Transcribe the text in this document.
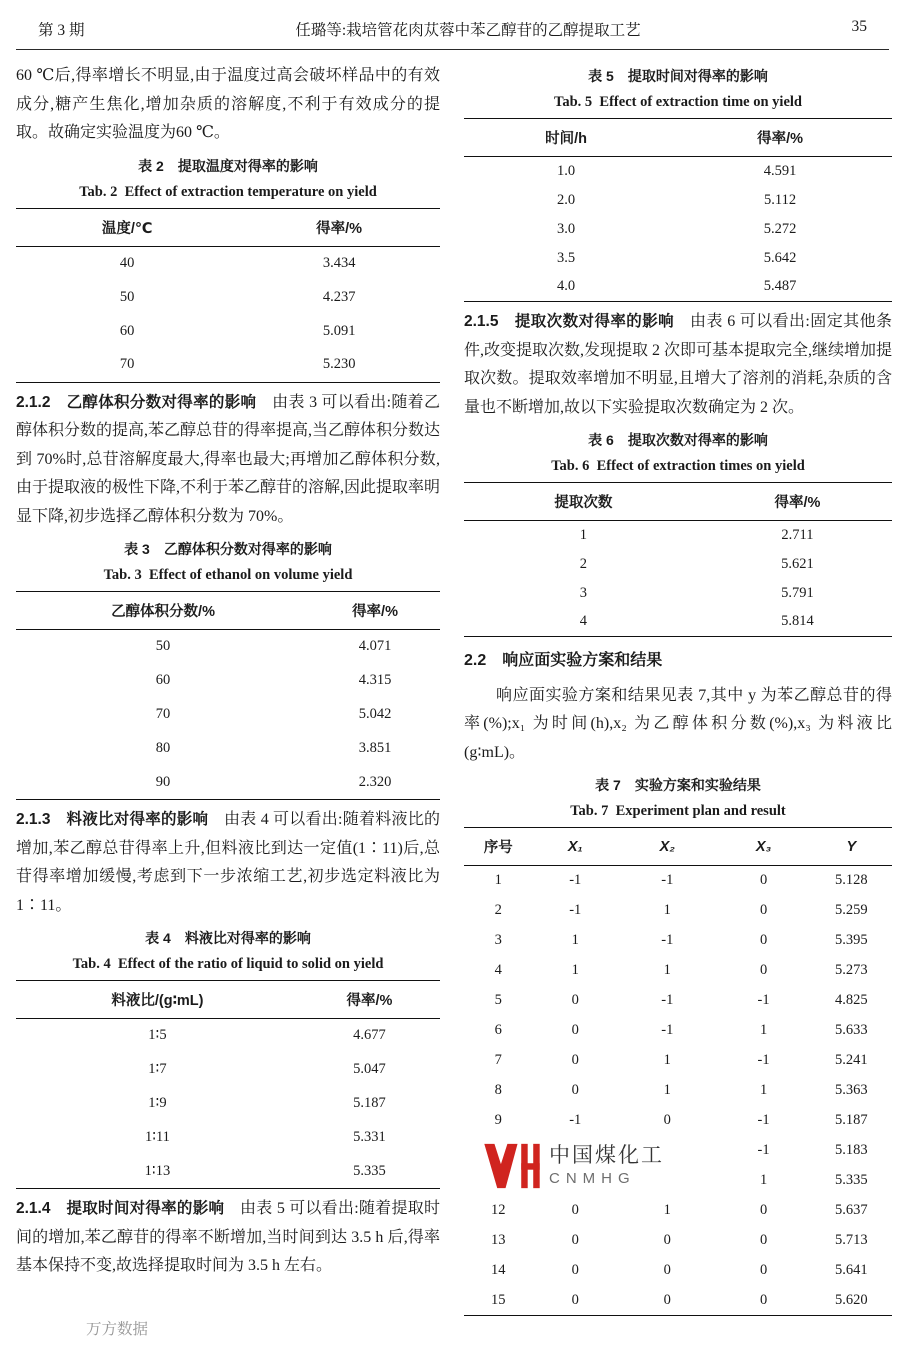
第 3 期	任璐等:栽培管花肉苁蓉中苯乙醇苷的乙醇提取工艺	35

60 ℃后,得率增长不明显,由于温度过高会破坏样品中的有效成分,糖产生焦化,增加杂质的溶解度,不利于有效成分的提取。故确定实验温度为60 ℃。

表 2　提取温度对得率的影响
Tab. 2  Effect of extraction temperature on yield
温度/℃	得率/%
40	3.434
50	4.237
60	5.091
70	5.230

2.1.2　乙醇体积分数对得率的影响　由表 3 可以看出:随着乙醇体积分数的提高,苯乙醇总苷的得率提高,当乙醇体积分数达到 70%时,总苷溶解度最大,得率也最大;再增加乙醇体积分数,由于提取液的极性下降,不利于苯乙醇苷的溶解,因此提取率明显下降,初步选择乙醇体积分数为 70%。

表 3　乙醇体积分数对得率的影响
Tab. 3  Effect of ethanol on volume yield
乙醇体积分数/%	得率/%
50	4.071
60	4.315
70	5.042
80	3.851
90	2.320

2.1.3　料液比对得率的影响　由表 4 可以看出:随着料液比的增加,苯乙醇总苷得率上升,但料液比到达一定值(1∶11)后,总苷得率增加缓慢,考虑到下一步浓缩工艺,初步选定料液比为 1∶11。

表 4　料液比对得率的影响
Tab. 4  Effect of the ratio of liquid to solid on yield
料液比/(g∶mL)	得率/%
1∶5	4.677
1∶7	5.047
1∶9	5.187
1∶11	5.331
1∶13	5.335

2.1.4　提取时间对得率的影响　由表 5 可以看出:随着提取时间的增加,苯乙醇苷的得率不断增加,当时间到达 3.5 h 后,得率基本保持不变,故选择提取时间为 3.5 h 左右。

表 5　提取时间对得率的影响
Tab. 5  Effect of extraction time on yield
时间/h	得率/%
1.0	4.591
2.0	5.112
3.0	5.272
3.5	5.642
4.0	5.487

2.1.5　提取次数对得率的影响　由表 6 可以看出:固定其他条件,改变提取次数,发现提取 2 次即可基本提取完全,继续增加提取次数。提取效率增加不明显,且增大了溶剂的消耗,杂质的含量也不断增加,故以下实验提取次数确定为 2 次。

表 6　提取次数对得率的影响
Tab. 6  Effect of extraction times on yield
提取次数	得率/%
1	2.711
2	5.621
3	5.791
4	5.814
2.2　响应面实验方案和结果

响应面实验方案和结果见表 7,其中 y 为苯乙醇总苷的得率(%);x₁ 为时间(h),x₂ 为乙醇体积分数(%),x₃ 为料液比(g∶mL)。

表 7　实验方案和实验结果
Tab. 7  Experiment plan and result
序号	X₁	X₂	X₃	Y
1	-1	-1	0	5.128
2	-1	1	0	5.259
3	1	-1	0	5.395
4	1	1	0	5.273
5	0	-1	-1	4.825
6	0	-1	1	5.633
7	0	1	-1	5.241
8	0	1	1	5.363
9	-1	0	-1	5.187
			-1	5.183
			1	5.335
12	0	1	0	5.637
13	0	0	0	5.713
14	0	0	0	5.641
15	0	0	0	5.620
中国煤化工
CNMHG
万方数据
